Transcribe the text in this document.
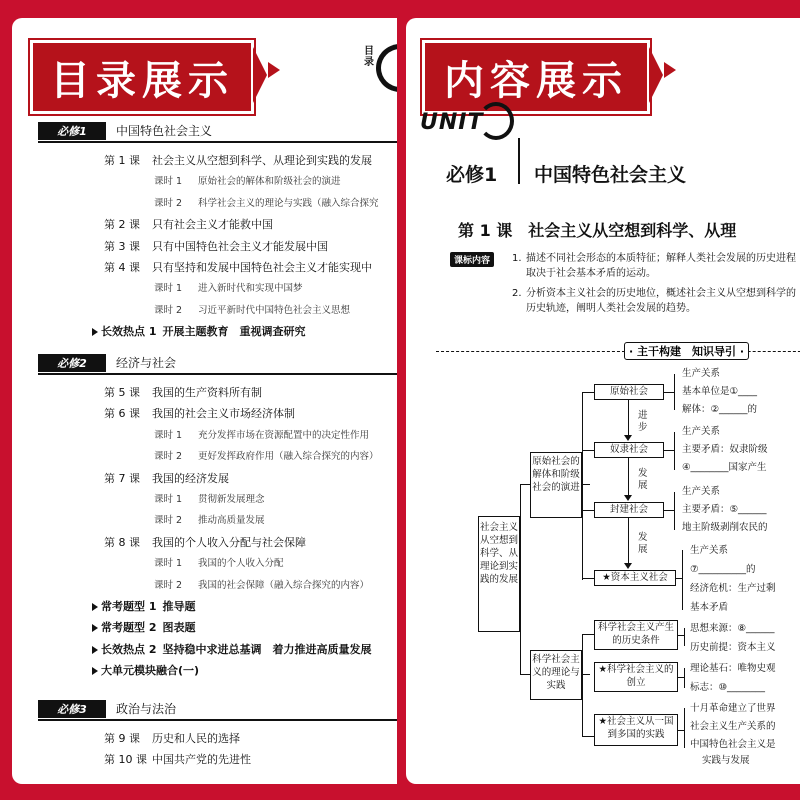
目录展示
目录
必修1	中国特色社会主义
第 1 课 社会主义从空想到科学、从理论到实践的发展
课时 1 原始社会的解体和阶级社会的演进
课时 2 科学社会主义的理论与实践（融入综合探究
第 2 课 只有社会主义才能救中国
第 3 课 只有中国特色社会主义才能发展中国
第 4 课 只有坚持和发展中国特色社会主义才能实现中
课时 1 进入新时代和实现中国梦
课时 2 习近平新时代中国特色社会主义思想
长效热点 1 开展主题教育　重视调查研究
必修2	经济与社会
第 5 课 我国的生产资料所有制
第 6 课 我国的社会主义市场经济体制
课时 1 充分发挥市场在资源配置中的决定性作用
课时 2 更好发挥政府作用（融入综合探究的内容）
第 7 课 我国的经济发展
课时 1 贯彻新发展理念
课时 2 推动高质量发展
第 8 课 我国的个人收入分配与社会保障
课时 1 我国的个人收入分配
课时 2 我国的社会保障（融入综合探究的内容）
常考题型 1 推导题
常考题型 2 图表题
长效热点 2 坚持稳中求进总基调　着力推进高质量发展
大单元模块融合(一)
必修3	政治与法治
第 9 课 历史和人民的选择
第 10 课 中国共产党的先进性
内容展示
UNIT
必修1 中国特色社会主义
第 1 课　社会主义从空想到科学、从理
课标内容	1. 描述不同社会形态的本质特征；解释人类社会发展的历史进程取决于社会基本矛盾的运动。
2. 分析资本主义社会的历史地位，概述社会主义从空想到科学的历史轨迹，阐明人类社会发展的趋势。
· 主干构建　知识导引 ·
社会主义从空想到科学、从理论到实践的发展
原始社会的解体和阶级社会的演进
科学社会主义的理论与实践
原始社会
奴隶社会
封建社会
★资本主义社会
进步
发展
发展
生产关系
基本单位是①____
解体：②______的
生产关系
主要矛盾：奴隶阶级
④________国家产生
生产关系
主要矛盾：⑤______
地主阶级剥削农民的
生产关系
⑦__________的
经济危机：生产过剩
基本矛盾
科学社会主义产生的历史条件
★科学社会主义的创立
★社会主义从一国到多国的实践
思想来源：⑧______
历史前提：资本主义
理论基石：唯物史观
标志：⑩________
十月革命建立了世界
社会主义生产关系的
中国特色社会主义是
实践与发展
